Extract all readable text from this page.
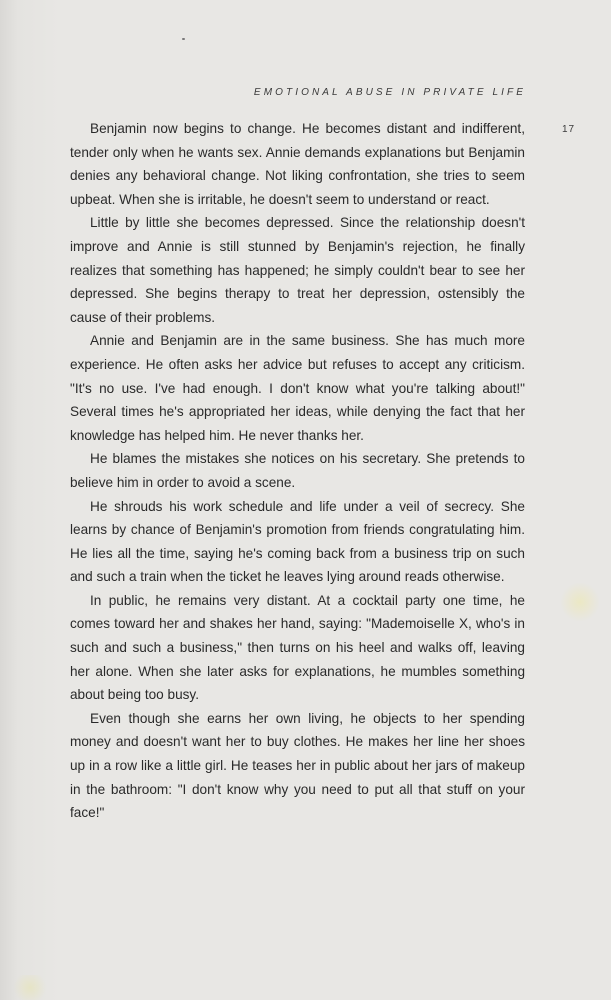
EMOTIONAL ABUSE IN PRIVATE LIFE
17

Benjamin now begins to change. He becomes distant and indifferent, tender only when he wants sex. Annie demands explanations but Benjamin denies any behavioral change. Not liking confrontation, she tries to seem upbeat. When she is irritable, he doesn't seem to understand or react.

Little by little she becomes depressed. Since the relationship doesn't improve and Annie is still stunned by Benjamin's rejection, he finally realizes that something has happened; he simply couldn't bear to see her depressed. She begins therapy to treat her depression, ostensibly the cause of their problems.

Annie and Benjamin are in the same business. She has much more experience. He often asks her advice but refuses to accept any criticism. "It's no use. I've had enough. I don't know what you're talking about!" Several times he's appropriated her ideas, while denying the fact that her knowledge has helped him. He never thanks her.

He blames the mistakes she notices on his secretary. She pretends to believe him in order to avoid a scene.

He shrouds his work schedule and life under a veil of secrecy. She learns by chance of Benjamin's promotion from friends congratulating him. He lies all the time, saying he's coming back from a business trip on such and such a train when the ticket he leaves lying around reads otherwise.

In public, he remains very distant. At a cocktail party one time, he comes toward her and shakes her hand, saying: "Mademoiselle X, who's in such and such a business," then turns on his heel and walks off, leaving her alone. When she later asks for explanations, he mumbles something about being too busy.

Even though she earns her own living, he objects to her spending money and doesn't want her to buy clothes. He makes her line her shoes up in a row like a little girl. He teases her in public about her jars of makeup in the bathroom: "I don't know why you need to put all that stuff on your face!"
